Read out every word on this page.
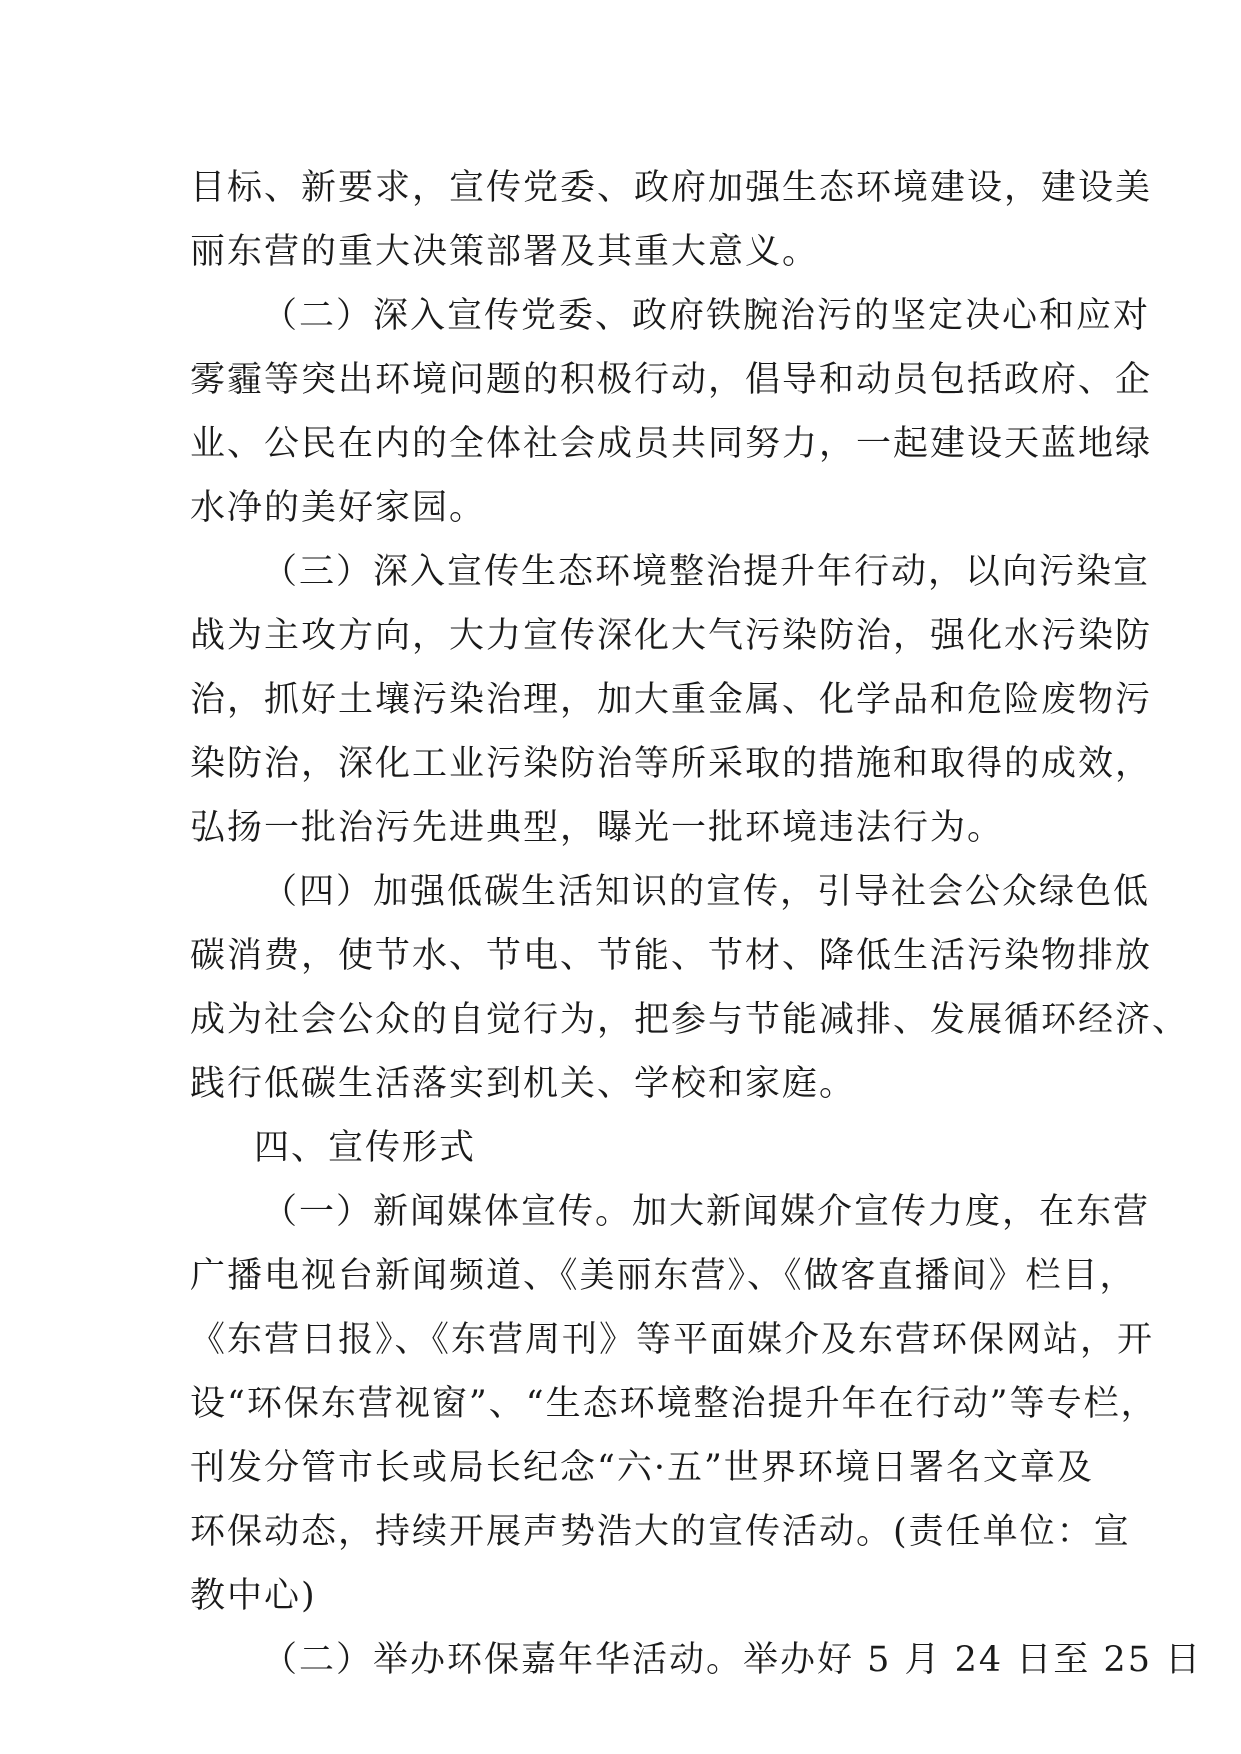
目标、新要求，宣传党委、政府加强生态环境建设，建设美
丽东营的重大决策部署及其重大意义。
（二）深入宣传党委、政府铁腕治污的坚定决心和应对
雾霾等突出环境问题的积极行动，倡导和动员包括政府、企
业、公民在内的全体社会成员共同努力，一起建设天蓝地绿
水净的美好家园。
（三）深入宣传生态环境整治提升年行动，以向污染宣
战为主攻方向，大力宣传深化大气污染防治，强化水污染防
治，抓好土壤污染治理，加大重金属、化学品和危险废物污
染防治，深化工业污染防治等所采取的措施和取得的成效，
弘扬一批治污先进典型，曝光一批环境违法行为。
（四）加强低碳生活知识的宣传，引导社会公众绿色低
碳消费，使节水、节电、节能、节材、降低生活污染物排放
成为社会公众的自觉行为，把参与节能减排、发展循环经济、
践行低碳生活落实到机关、学校和家庭。
四、宣传形式
（一）新闻媒体宣传。加大新闻媒介宣传力度，在东营
广播电视台新闻频道、《美丽东营》、《做客直播间》栏目，
《东营日报》、《东营周刊》等平面媒介及东营环保网站，开
设“环保东营视窗”、“生态环境整治提升年在行动”等专栏，
刊发分管市长或局长纪念“六·五”世界环境日署名文章及
环保动态，持续开展声势浩大的宣传活动。(责任单位：宣
教中心)
（二）举办环保嘉年华活动。举办好 5 月 24 日至 25 日
